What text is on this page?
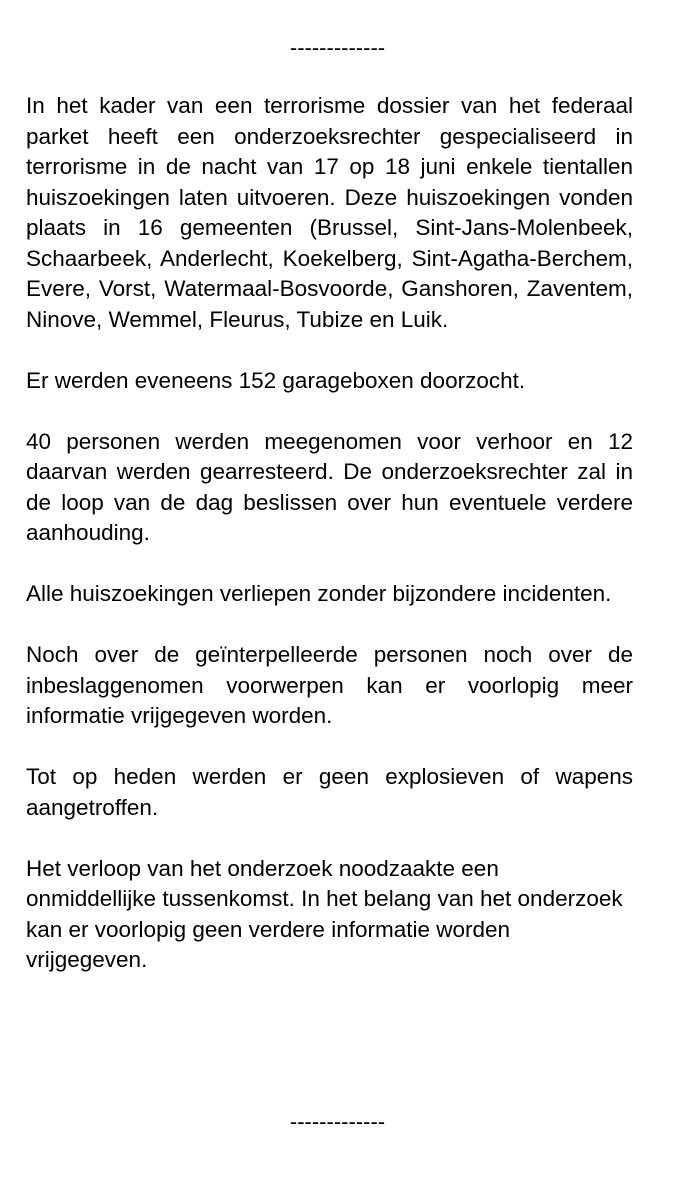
-------------

In het kader van een terrorisme dossier van het federaal parket heeft een onderzoeksrechter gespecialiseerd in terrorisme in de nacht van 17 op 18 juni enkele tientallen huiszoekingen laten uitvoeren. Deze huiszoekingen vonden plaats in 16 gemeenten (Brussel, Sint-Jans-Molenbeek, Schaarbeek, Anderlecht, Koekelberg, Sint-Agatha-Berchem, Evere, Vorst, Watermaal-Bosvoorde, Ganshoren, Zaventem, Ninove, Wemmel, Fleurus, Tubize en Luik.

Er werden eveneens 152 garageboxen doorzocht.

40 personen werden meegenomen voor verhoor en 12 daarvan werden gearresteerd. De onderzoeksrechter zal in de loop van de dag beslissen over hun eventuele verdere aanhouding.

Alle huiszoekingen verliepen zonder bijzondere incidenten.

Noch over de geïnterpelleerde personen noch over de inbeslaggenomen voorwerpen kan er voorlopig meer informatie vrijgegeven worden.

Tot op heden werden er geen explosieven of wapens aangetroffen.

Het verloop van het onderzoek noodzaakte een onmiddellijke tussenkomst. In het belang van het onderzoek kan er voorlopig geen verdere informatie worden vrijgegeven.

-------------
